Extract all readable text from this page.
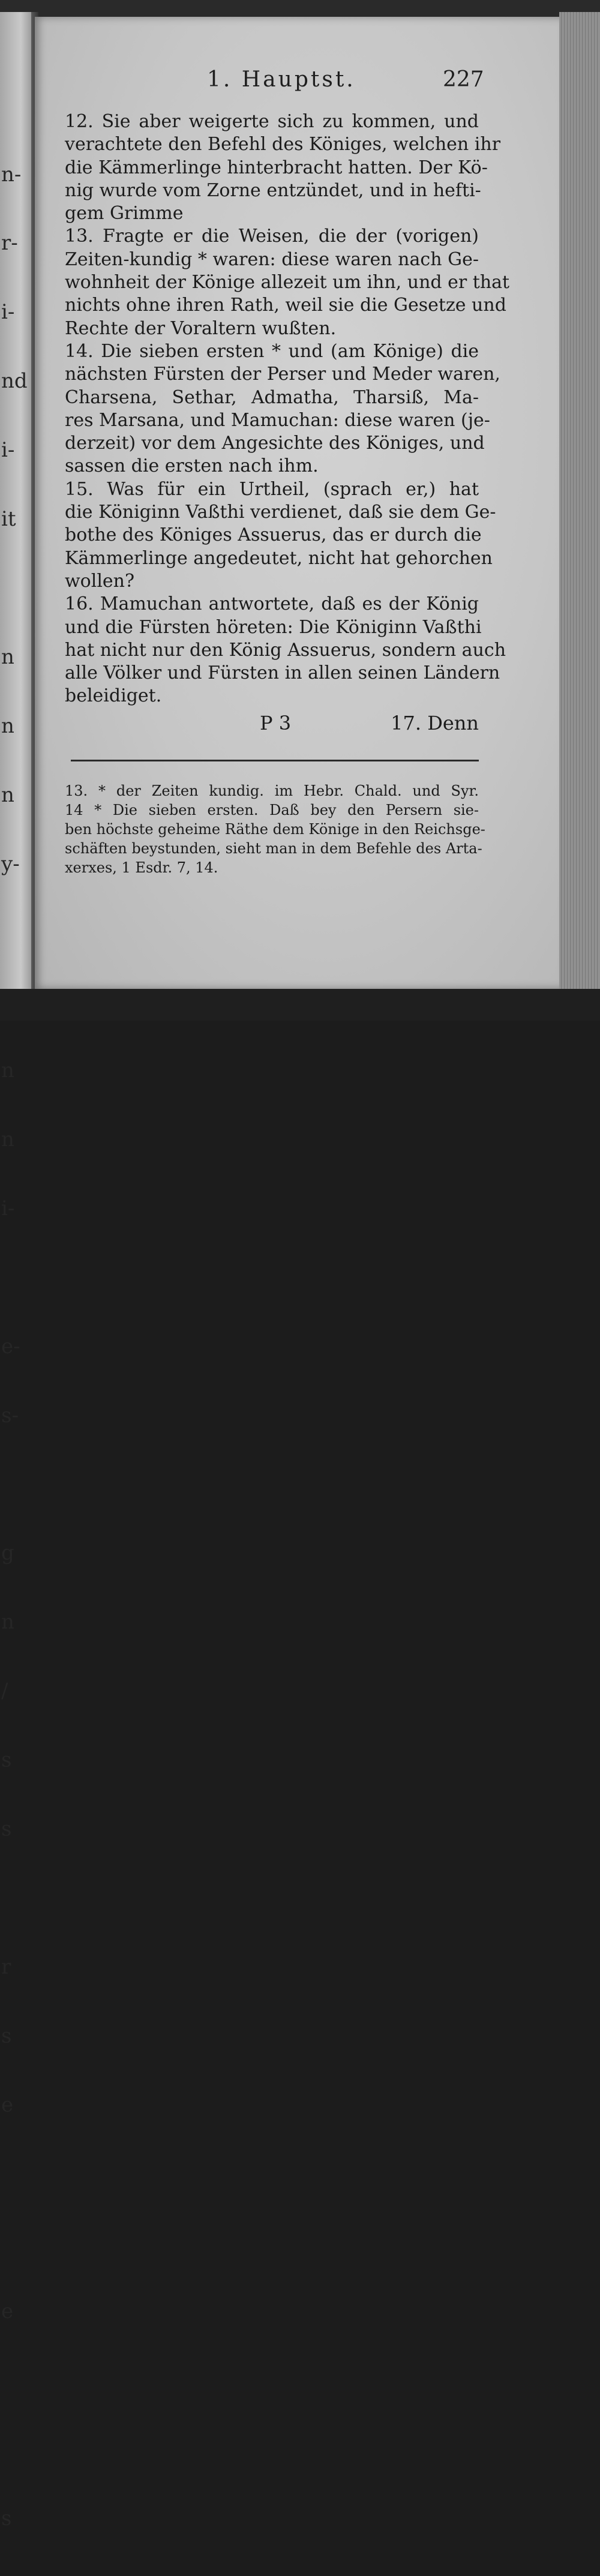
n-

r-

i-

nd

i-

it

n

n

n

y-

n

n

i-

e-

s-

g

n

/

s

s

r

s

e

e

s

1. Hauptst.	227
12. Sie aber weigerte sich zu kommen, und
verachtete den Befehl des Königes, welchen ihr
die Kämmerlinge hinterbracht hatten. Der Kö-
nig wurde vom Zorne entzündet, und in hefti-
gem Grimme
13. Fragte er die Weisen, die der (vorigen)
Zeiten-kundig * waren: diese waren nach Ge-
wohnheit der Könige allezeit um ihn, und er that
nichts ohne ihren Rath, weil sie die Gesetze und
Rechte der Voraltern wußten.
14. Die sieben ersten * und (am Könige) die
nächsten Fürsten der Perser und Meder waren,
Charsena, Sethar, Admatha, Tharsiß, Ma-
res Marsana, und Mamuchan: diese waren (je-
derzeit) vor dem Angesichte des Königes, und
sassen die ersten nach ihm.
15. Was für ein Urtheil, (sprach er,) hat
die Königinn Vaßthi verdienet, daß sie dem Ge-
bothe des Königes Assuerus, das er durch die
Kämmerlinge angedeutet, nicht hat gehorchen
wollen?
16. Mamuchan antwortete, daß es der König
und die Fürsten höreten: Die Königinn Vaßthi
hat nicht nur den König Assuerus, sondern auch
alle Völker und Fürsten in allen seinen Ländern
beleidiget.
P 3	17. Denn
13. * der Zeiten kundig. im Hebr. Chald. und Syr.
14 * Die sieben ersten. Daß bey den Persern sie-
ben höchste geheime Räthe dem Könige in den Reichsge-
schäften beystunden, sieht man in dem Befehle des Arta-
xerxes, 1 Esdr. 7, 14.
